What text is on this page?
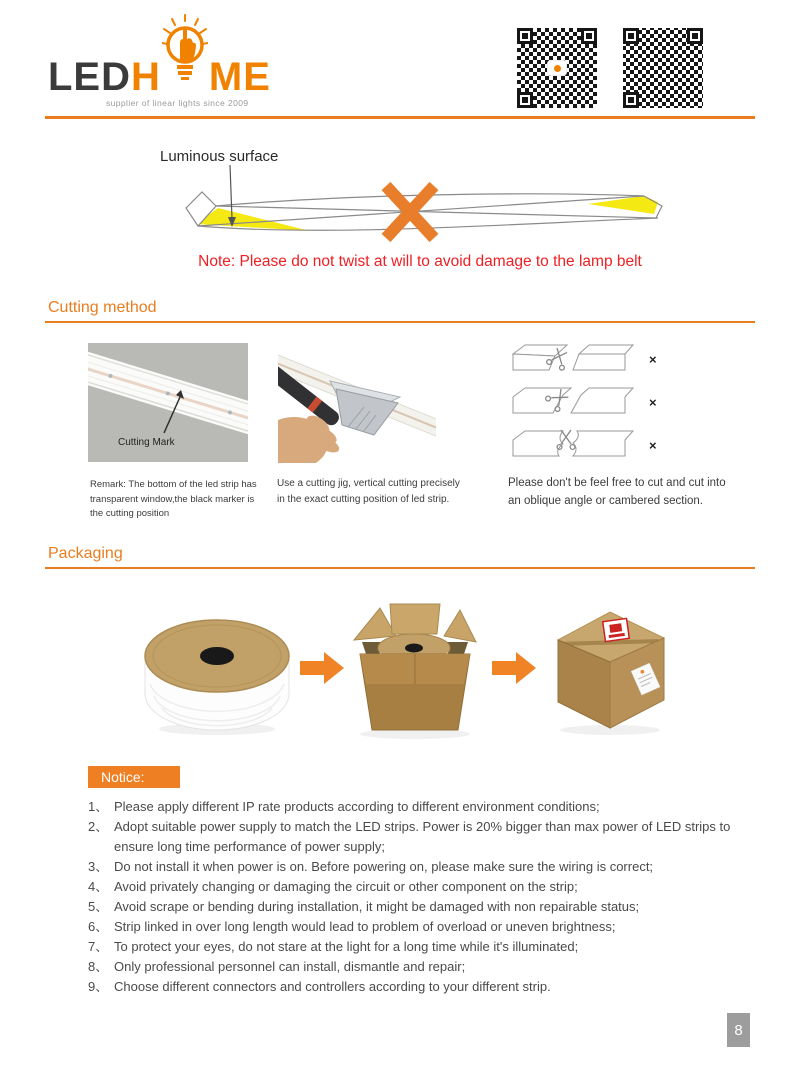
LED H ME
supplier of linear lights since 2009
Luminous surface
Note: Please do not twist at will to avoid damage to the lamp belt
Cutting method
Cutting Mark
×
×
×
Remark: The bottom of the led strip has transparent window,the black marker is the cutting position
Use a cutting jig, vertical cutting precisely in the exact cutting position of led strip.
Please don't be feel free to cut and cut into an oblique angle or cambered section.
Packaging
Notice:
1、 Please apply different IP rate products according to different environment conditions;
2、 Adopt suitable power supply to match the LED strips. Power is 20% bigger than max power of LED strips to ensure long time performance of power supply;
3、 Do not install it when power is on. Before powering on, please make sure the wiring is correct;
4、 Avoid privately changing or damaging the circuit or other component on the strip;
5、 Avoid scrape or bending during installation, it might be damaged with non repairable status;
6、 Strip linked in over long length would lead to problem of overload or uneven brightness;
7、 To protect your eyes, do not stare at the light for a long time while it's illuminated;
8、 Only professional personnel can install, dismantle and repair;
9、 Choose different connectors and controllers according to your different strip.
8
